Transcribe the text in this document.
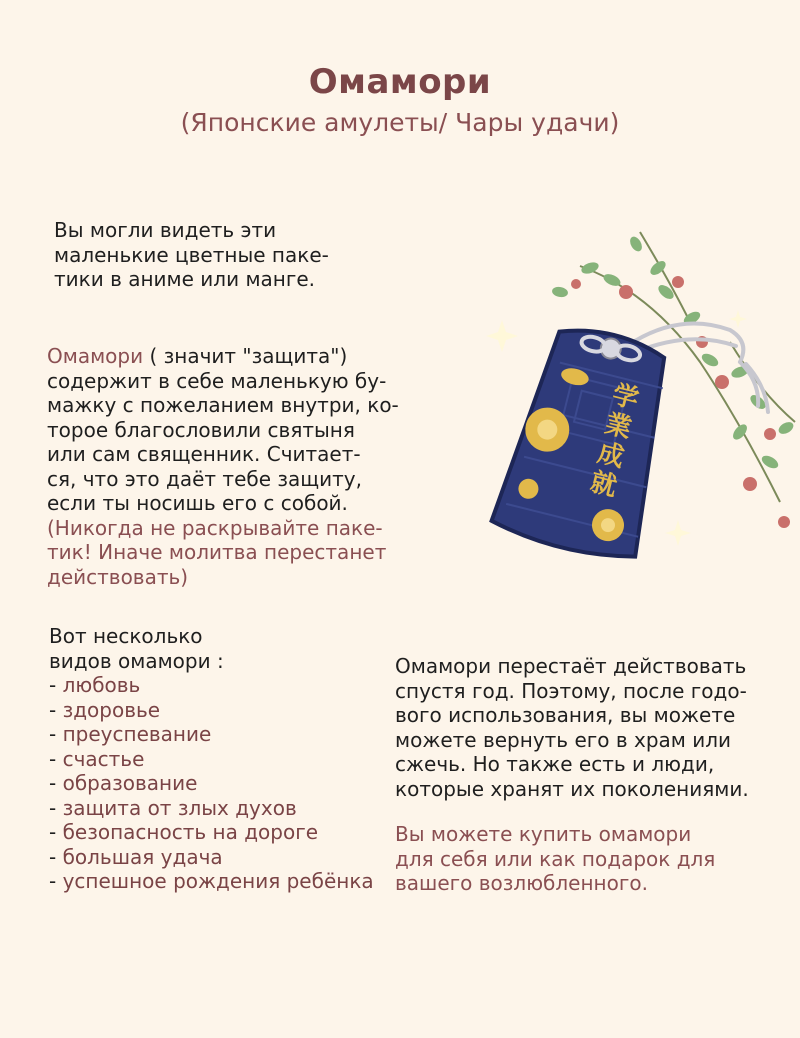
Омамори
(Японские амулеты/ Чары удачи)
Вы могли видеть эти
маленькие цветные паке-
тики в аниме или манге.
Омамори ( значит "защита")
содержит в себе маленькую бу-
мажку с пожеланием внутри, ко-
торое благословили святыня
или сам священник. Считает-
ся, что это даёт тебе защиту,
если ты носишь его с собой.
(Никогда не раскрывайте паке-
тик! Иначе молитва перестанет
действовать)
Вот несколько
видов омамори :
- любовь
- здоровье
- преуспевание
- счастье
- образование
- защита от злых духов
- безопасность на дороге
- большая удача
- успешное рождения ребёнка
Омамори перестаёт действовать
спустя год. Поэтому, после годо-
вого использования, вы можете
можете вернуть его в храм или
сжечь. Но также есть и люди,
которые хранят их поколениями.
Вы можете купить омамори
для себя или как подарок для
вашего возлюбленного.
学
業
成
就
